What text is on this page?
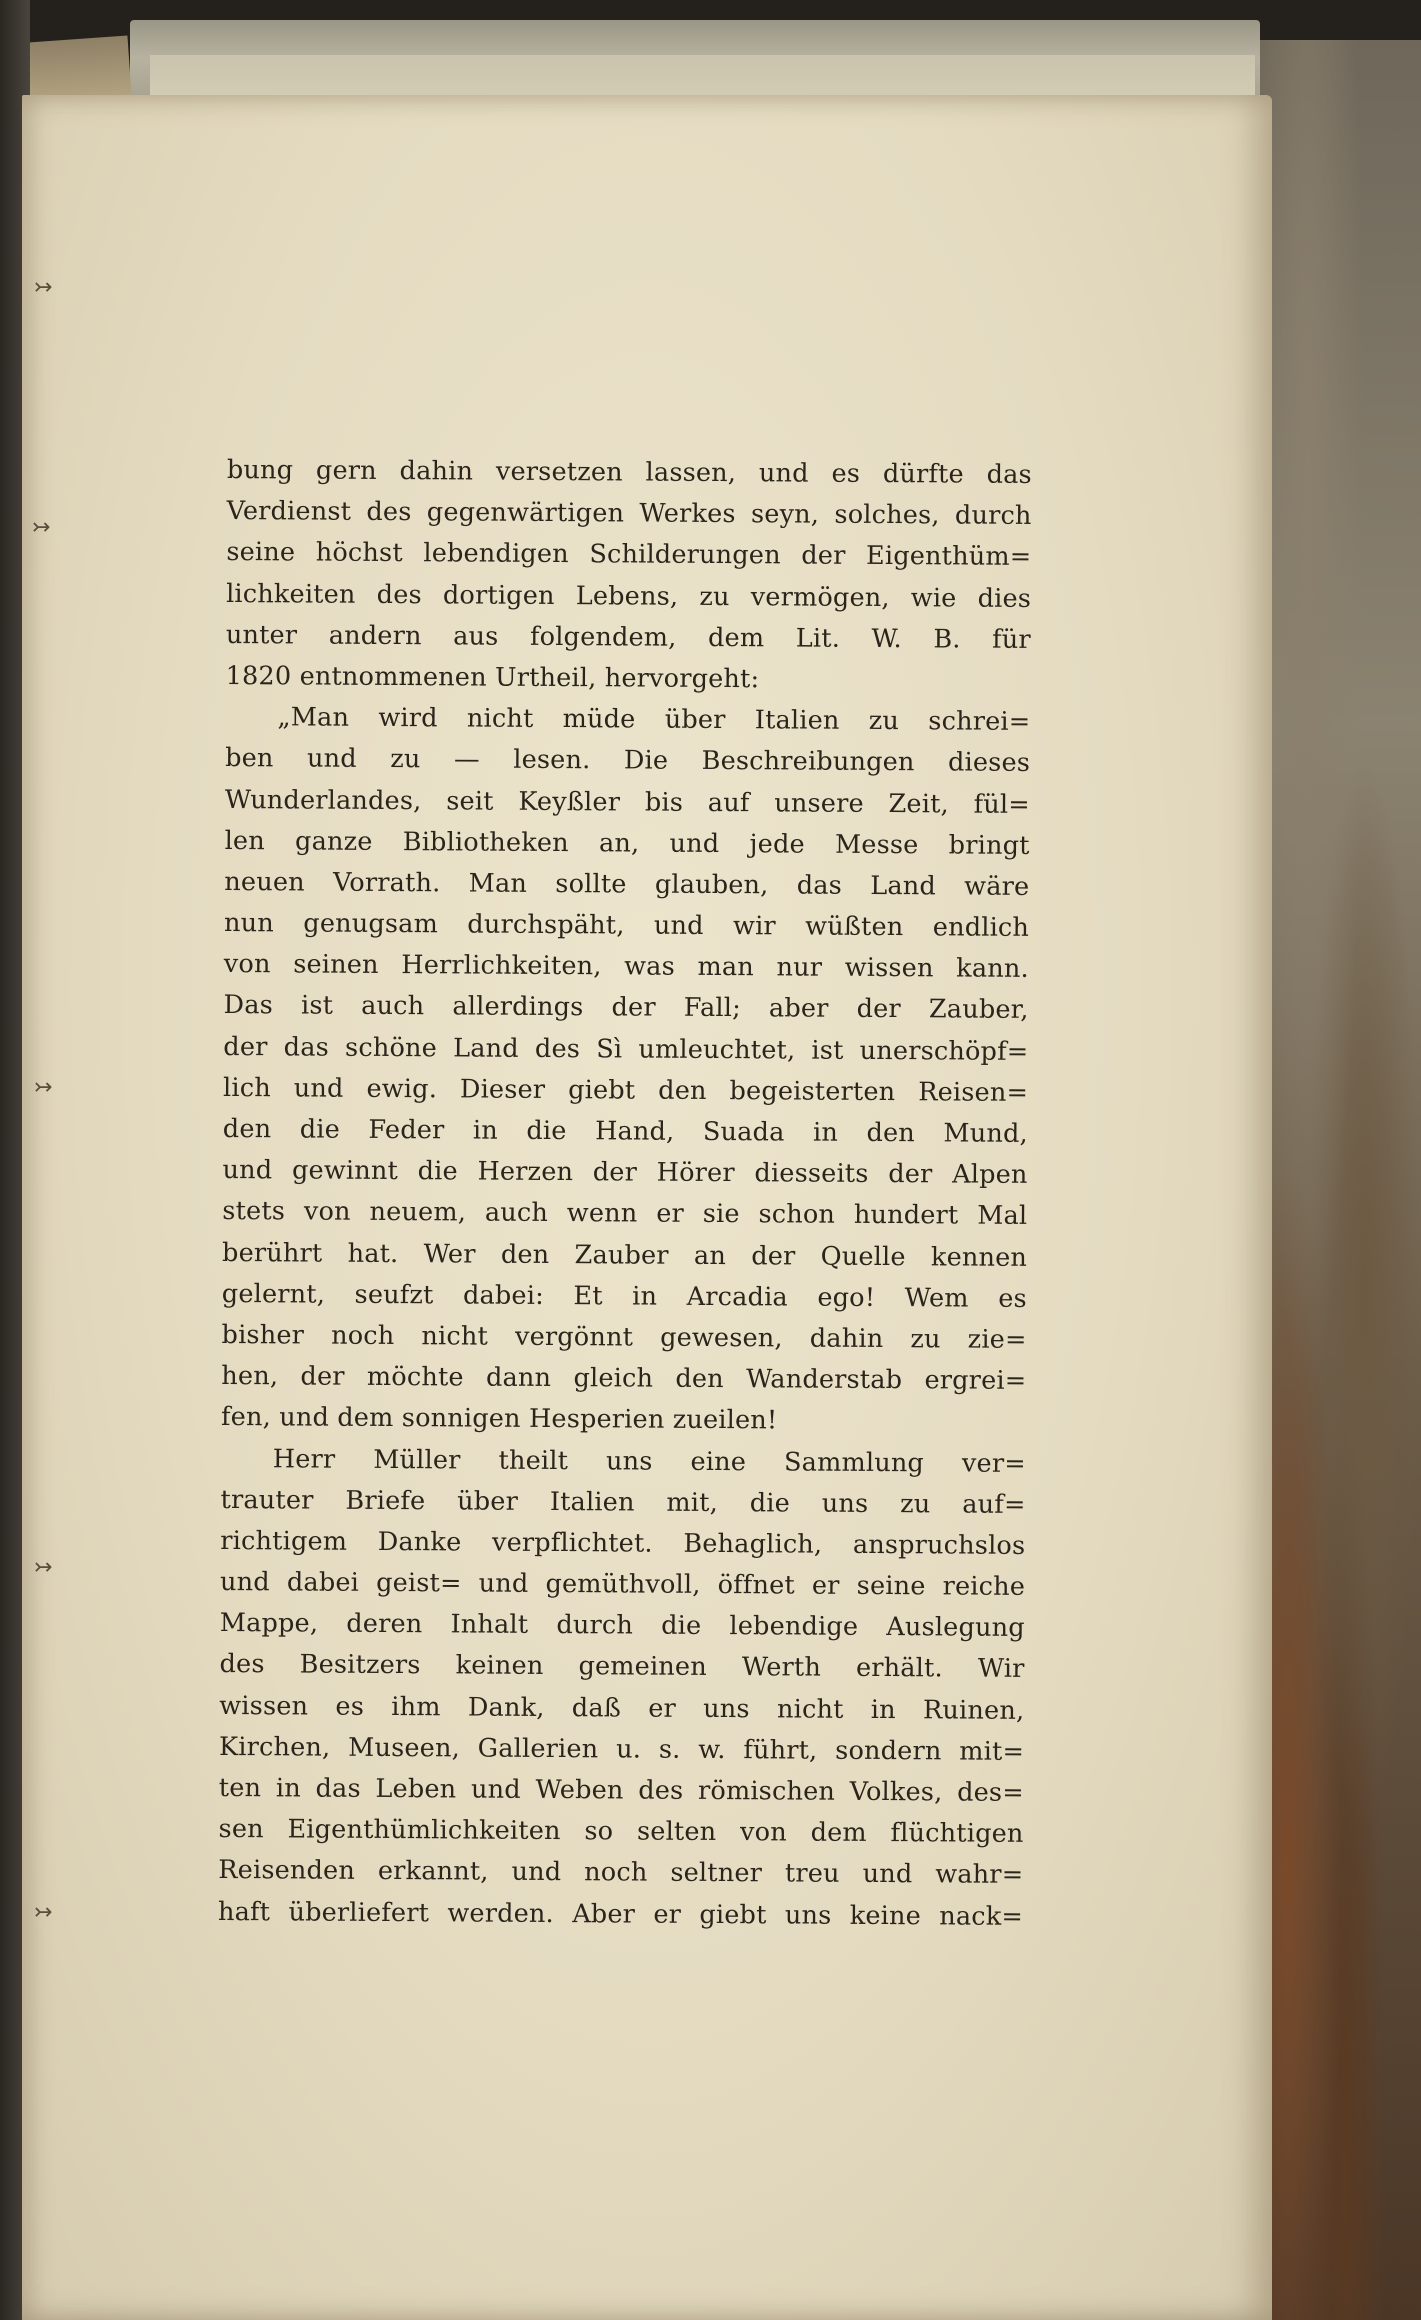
↣
↣
↣
↣
↣
bung gern dahin versetzen lassen, und es dürfte das
Verdienst des gegenwärtigen Werkes seyn, solches, durch
seine höchst lebendigen Schilderungen der Eigenthüm=
lichkeiten des dortigen Lebens, zu vermögen, wie dies
unter andern aus folgendem, dem Lit. W. B. für
1820 entnommenen Urtheil, hervorgeht:
„Man wird nicht müde über Italien zu schrei=
ben und zu — lesen. Die Beschreibungen dieses
Wunderlandes, seit Keyßler bis auf unsere Zeit, fül=
len ganze Bibliotheken an, und jede Messe bringt
neuen Vorrath. Man sollte glauben, das Land wäre
nun genugsam durchspäht, und wir wüßten endlich
von seinen Herrlichkeiten, was man nur wissen kann.
Das ist auch allerdings der Fall; aber der Zauber,
der das schöne Land des Sì umleuchtet, ist unerschöpf=
lich und ewig. Dieser giebt den begeisterten Reisen=
den die Feder in die Hand, Suada in den Mund,
und gewinnt die Herzen der Hörer diesseits der Alpen
stets von neuem, auch wenn er sie schon hundert Mal
berührt hat. Wer den Zauber an der Quelle kennen
gelernt, seufzt dabei: Et in Arcadia ego! Wem es
bisher noch nicht vergönnt gewesen, dahin zu zie=
hen, der möchte dann gleich den Wanderstab ergrei=
fen, und dem sonnigen Hesperien zueilen!
Herr Müller theilt uns eine Sammlung ver=
trauter Briefe über Italien mit, die uns zu auf=
richtigem Danke verpflichtet. Behaglich, anspruchslos
und dabei geist= und gemüthvoll, öffnet er seine reiche
Mappe, deren Inhalt durch die lebendige Auslegung
des Besitzers keinen gemeinen Werth erhält. Wir
wissen es ihm Dank, daß er uns nicht in Ruinen,
Kirchen, Museen, Gallerien u. s. w. führt, sondern mit=
ten in das Leben und Weben des römischen Volkes, des=
sen Eigenthümlichkeiten so selten von dem flüchtigen
Reisenden erkannt, und noch seltner treu und wahr=
haft überliefert werden. Aber er giebt uns keine nack=
